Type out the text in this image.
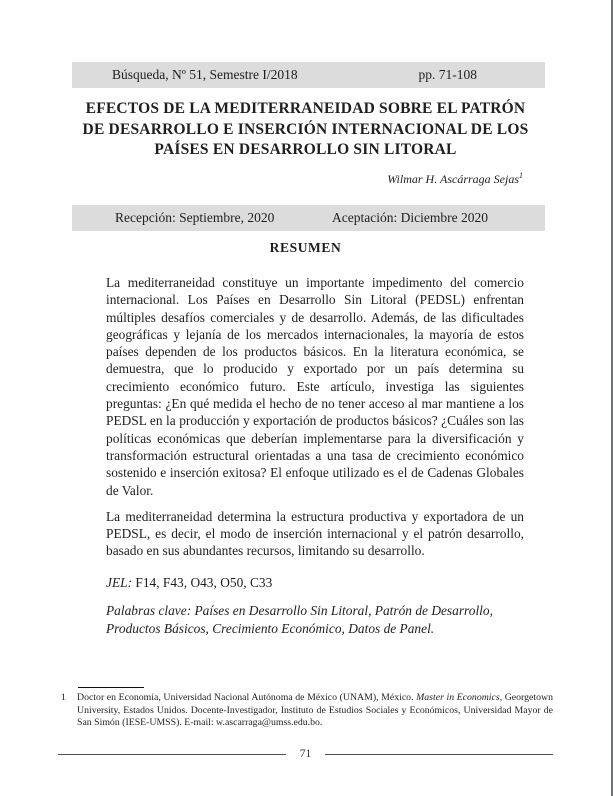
Búsqueda, Nº 51, Semestre I/2018	pp. 71-108
EFECTOS DE LA MEDITERRANEIDAD SOBRE EL PATRÓN
DE DESARROLLO E INSERCIÓN INTERNACIONAL DE LOS
PAÍSES EN DESARROLLO SIN LITORAL
Wilmar H. Ascárraga Sejas$^1$
Recepción: Septiembre, 2020	Aceptación: Diciembre 2020
RESUMEN

La mediterraneidad constituye un importante impedimento del comercio internacional. Los Países en Desarrollo Sin Litoral (PEDSL) enfrentan múltiples desafíos comerciales y de desarrollo. Además, de las dificultades geográficas y lejanía de los mercados internacionales, la mayoría de estos países dependen de los productos básicos. En la literatura económica, se demuestra, que lo producido y exportado por un país determina su crecimiento económico futuro. Este artículo, investiga las siguientes preguntas: ¿En qué medida el hecho de no tener acceso al mar mantiene a los PEDSL en la producción y exportación de productos básicos? ¿Cuáles son las políticas económicas que deberían implementarse para la diversificación y transformación estructural orientadas a una tasa de crecimiento económico sostenido e inserción exitosa? El enfoque utilizado es el de Cadenas Globales de Valor.

La mediterraneidad determina la estructura productiva y exportadora de un PEDSL, es decir, el modo de inserción internacional y el patrón desarrollo, basado en sus abundantes recursos, limitando su desarrollo.

JEL: F14, F43, O43, O50, C33
Palabras clave: Países en Desarrollo Sin Litoral, Patrón de Desarrollo, Productos Básicos, Crecimiento Económico, Datos de Panel.
1	Doctor en Economía, Universidad Nacional Autónoma de México (UNAM), México. Master in Economics, Georgetown University, Estados Unidos. Docente-Investigador, Instituto de Estudios Sociales y Económicos, Universidad Mayor de San Simón (IESE-UMSS). E-mail: w.ascarraga@umss.edu.bo.
71
